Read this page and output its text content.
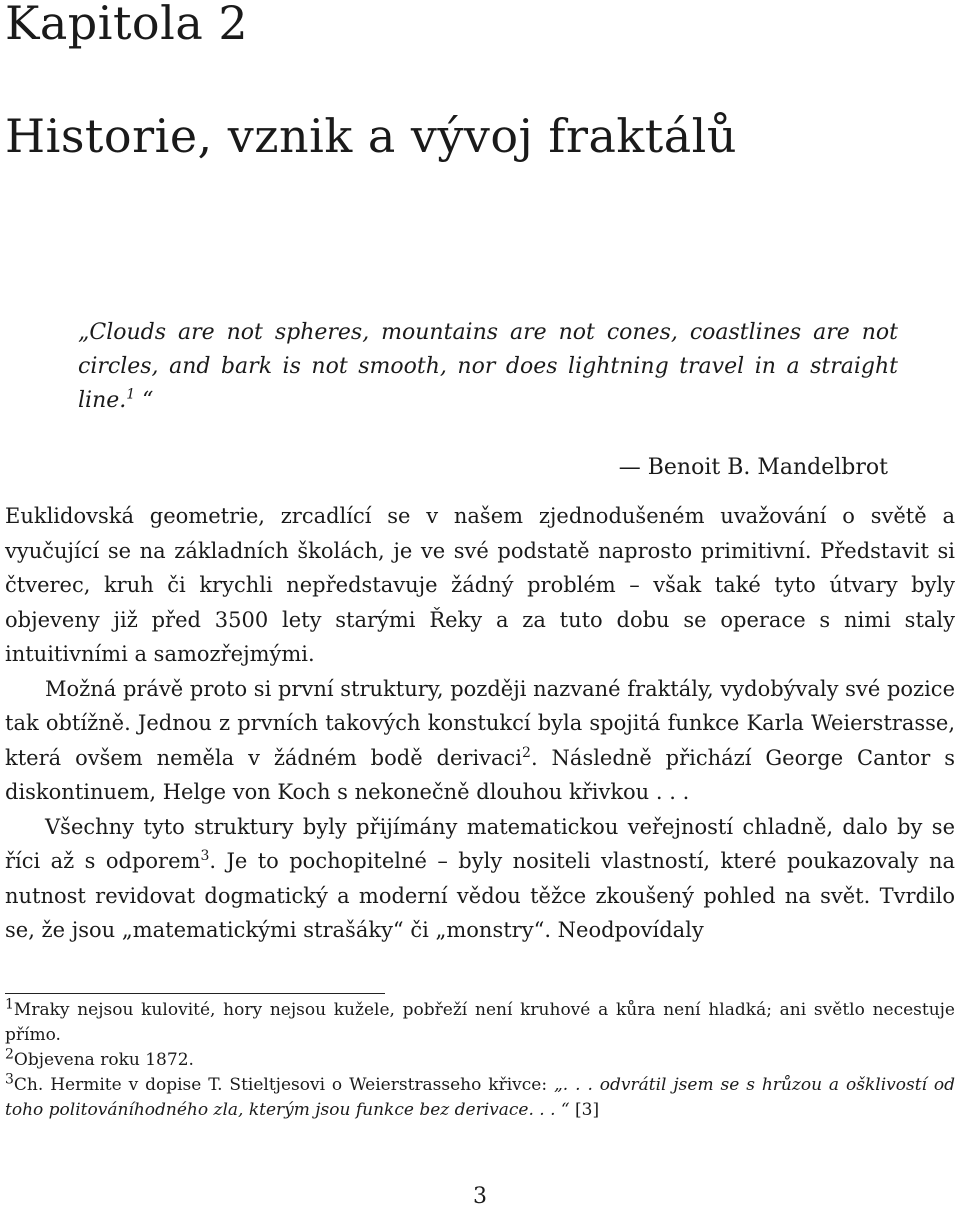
Kapitola 2
Historie, vznik a vývoj fraktálů

„Clouds are not spheres, mountains are not cones, coastlines are not circles, and bark is not smooth, nor does lightning travel in a straight line.$^1$ “

— Benoit B. Mandelbrot

Euklidovská geometrie, zrcadlící se v našem zjednodušeném uvažování o světě a vyučující se na základních školách, je ve své podstatě naprosto primitivní. Představit si čtverec, kruh či krychli nepředstavuje žádný problém – však také tyto útvary byly objeveny již před 3500 lety starými Řeky a za tuto dobu se operace s nimi staly intuitivními a samozřejmými.

Možná právě proto si první struktury, později nazvané fraktály, vydobývaly své pozice tak obtížně. Jednou z prvních takových konstukcí byla spojitá funkce Karla Weierstrasse, která ovšem neměla v žádném bodě derivaci$^2$. Následně přichází George Cantor s diskontinuem, Helge von Koch s nekonečně dlouhou křivkou . . .

Všechny tyto struktury byly přijímány matematickou veřejností chladně, dalo by se říci až s odporem$^3$. Je to pochopitelné – byly nositeli vlastností, které poukazovaly na nutnost revidovat dogmatický a moderní vědou těžce zkoušený pohled na svět. Tvrdilo se, že jsou „matematickými strašáky“ či „monstry“. Neodpovídaly

$^1$Mraky nejsou kulovité, hory nejsou kužele, pobřeží není kruhové a kůra není hladká; ani světlo necestuje přímo.

$^2$Objevena roku 1872.

$^3$Ch. Hermite v dopise T. Stieltjesovi o Weierstrasseho křivce: „. . . odvrátil jsem se s hrůzou a ošklivostí od toho politováníhodného zla, kterým jsou funkce bez derivace. . . “ [3]

3
